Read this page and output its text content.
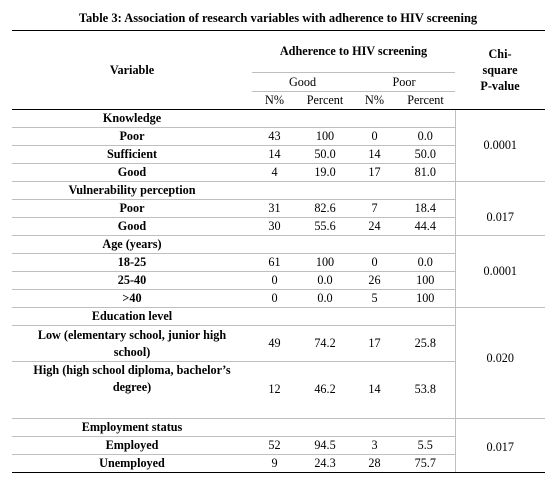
Table 3: Association of research variables with adherence to HIV screening
Variable	Adherence to HIV screening				Chi-
square
P-value
	Good		Poor		
	N%	Percent	N%	Percent	
Knowledge					0.0001
Poor	43	100	0	0.0	
Sufficient	14	50.0	14	50.0	
Good	4	19.0	17	81.0	
Vulnerability perception					0.017
Poor	31	82.6	7	18.4	
Good	30	55.6	24	44.4	
Age (years)					0.0001
18-25	61	100	0	0.0	
25-40	0	0.0	26	100	
>40	0	0.0	5	100	
Education level					0.020
Low (elementary school, junior high
school)	49	74.2	17	25.8	
High (high school diploma, bachelor’s
degree)	12	46.2	14	53.8	

Employment status					0.017
Employed	52	94.5	3	5.5	
Unemployed	9	24.3	28	75.7	
